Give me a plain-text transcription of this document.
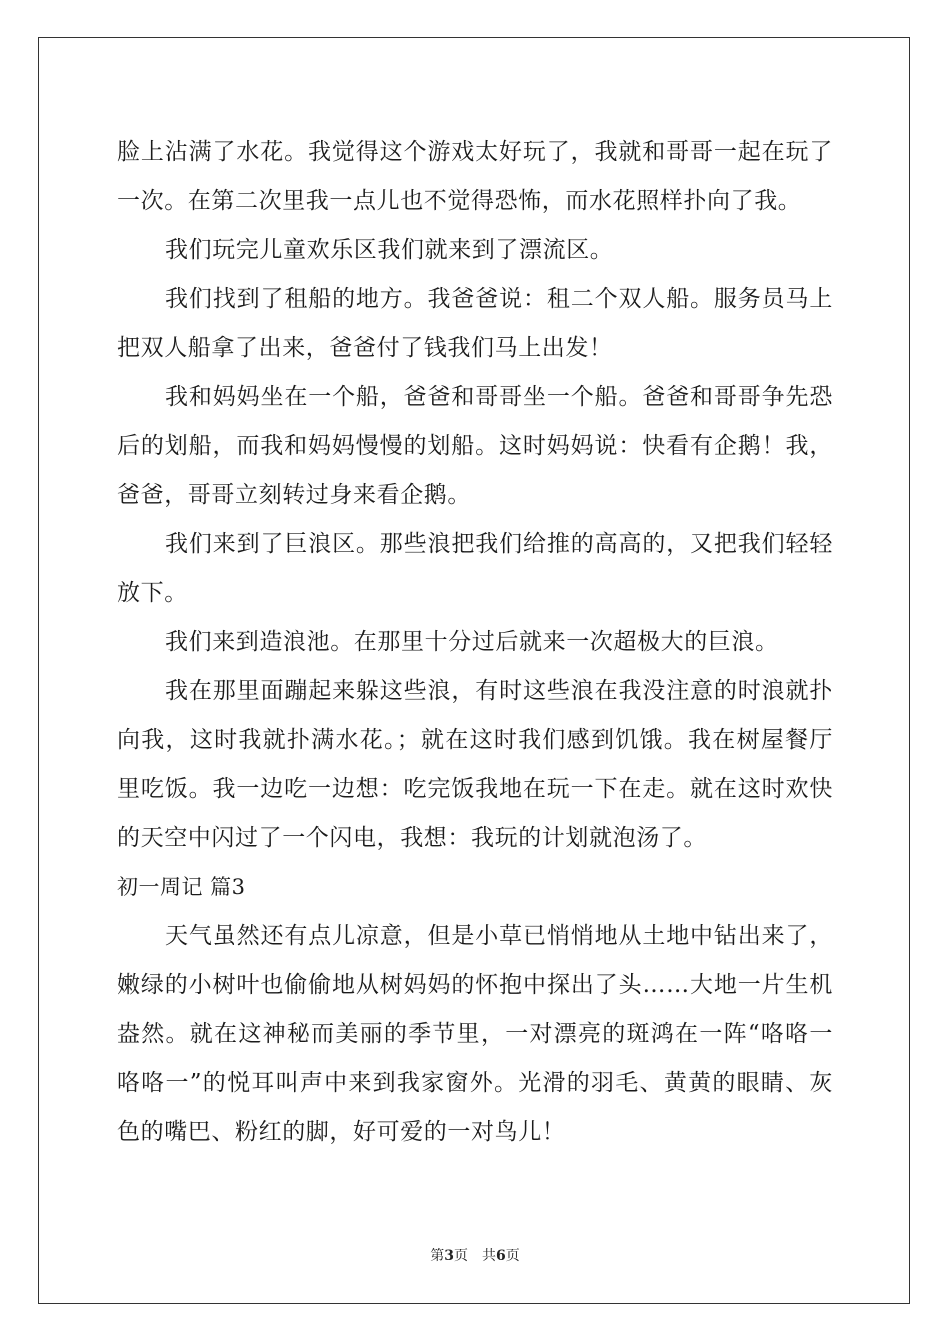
脸上沾满了水花。我觉得这个游戏太好玩了，我就和哥哥一起在玩了一次。在第二次里我一点儿也不觉得恐怖，而水花照样扑向了我。

我们玩完儿童欢乐区我们就来到了漂流区。

我们找到了租船的地方。我爸爸说：租二个双人船。服务员马上把双人船拿了出来，爸爸付了钱我们马上出发！

我和妈妈坐在一个船，爸爸和哥哥坐一个船。爸爸和哥哥争先恐后的划船，而我和妈妈慢慢的划船。这时妈妈说：快看有企鹅！我，爸爸，哥哥立刻转过身来看企鹅。

我们来到了巨浪区。那些浪把我们给推的高高的，又把我们轻轻放下。

我们来到造浪池。在那里十分过后就来一次超极大的巨浪。

我在那里面蹦起来躲这些浪，有时这些浪在我没注意的时浪就扑向我，这时我就扑满水花。；就在这时我们感到饥饿。我在树屋餐厅里吃饭。我一边吃一边想：吃完饭我地在玩一下在走。就在这时欢快的天空中闪过了一个闪电，我想：我玩的计划就泡汤了。

初一周记 篇3

天气虽然还有点儿凉意，但是小草已悄悄地从土地中钻出来了，嫩绿的小树叶也偷偷地从树妈妈的怀抱中探出了头……大地一片生机盎然。就在这神秘而美丽的季节里，一对漂亮的斑鸿在一阵“咯咯一咯咯一”的悦耳叫声中来到我家窗外。光滑的羽毛、黄黄的眼睛、灰色的嘴巴、粉红的脚，好可爱的一对鸟儿！

第3页 共6页
